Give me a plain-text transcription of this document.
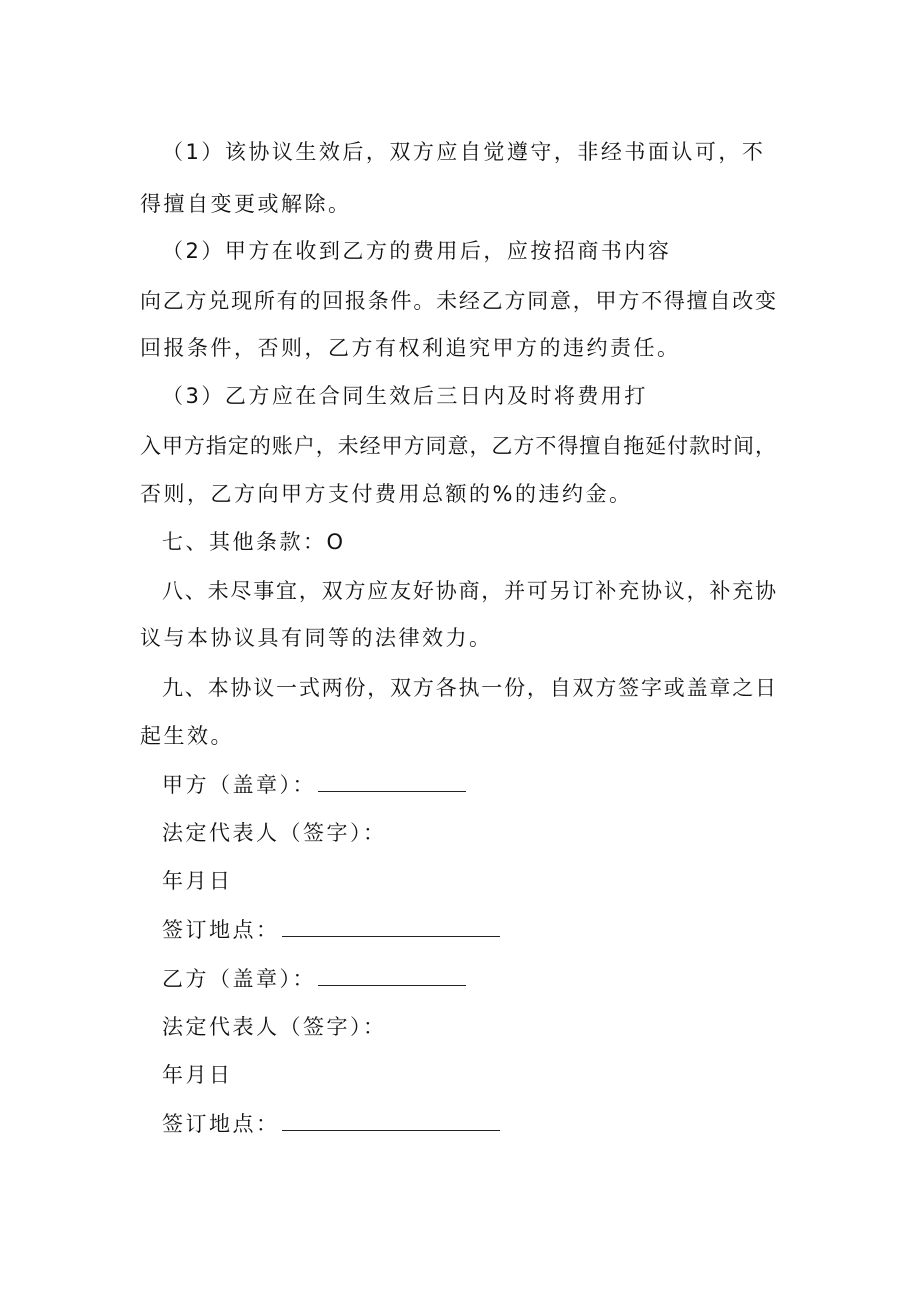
（1）该协议生效后，双方应自觉遵守，非经书面认可，不
得擅自变更或解除。
（2）甲方在收到乙方的费用后，应按招商书内容
向乙方兑现所有的回报条件。未经乙方同意，甲方不得擅自改变
回报条件，否则，乙方有权利追究甲方的违约责任。
（3）乙方应在合同生效后三日内及时将费用打
入甲方指定的账户，未经甲方同意，乙方不得擅自拖延付款时间，
否则，乙方向甲方支付费用总额的%的违约金。
七、其他条款：O
八、未尽事宜，双方应友好协商，并可另订补充协议，补充协
议与本协议具有同等的法律效力。
九、本协议一式两份，双方各执一份，自双方签字或盖章之日
起生效。
甲方（盖章）：
法定代表人（签字）：
年月日
签订地点：
乙方（盖章）：
法定代表人（签字）：
年月日
签订地点：
